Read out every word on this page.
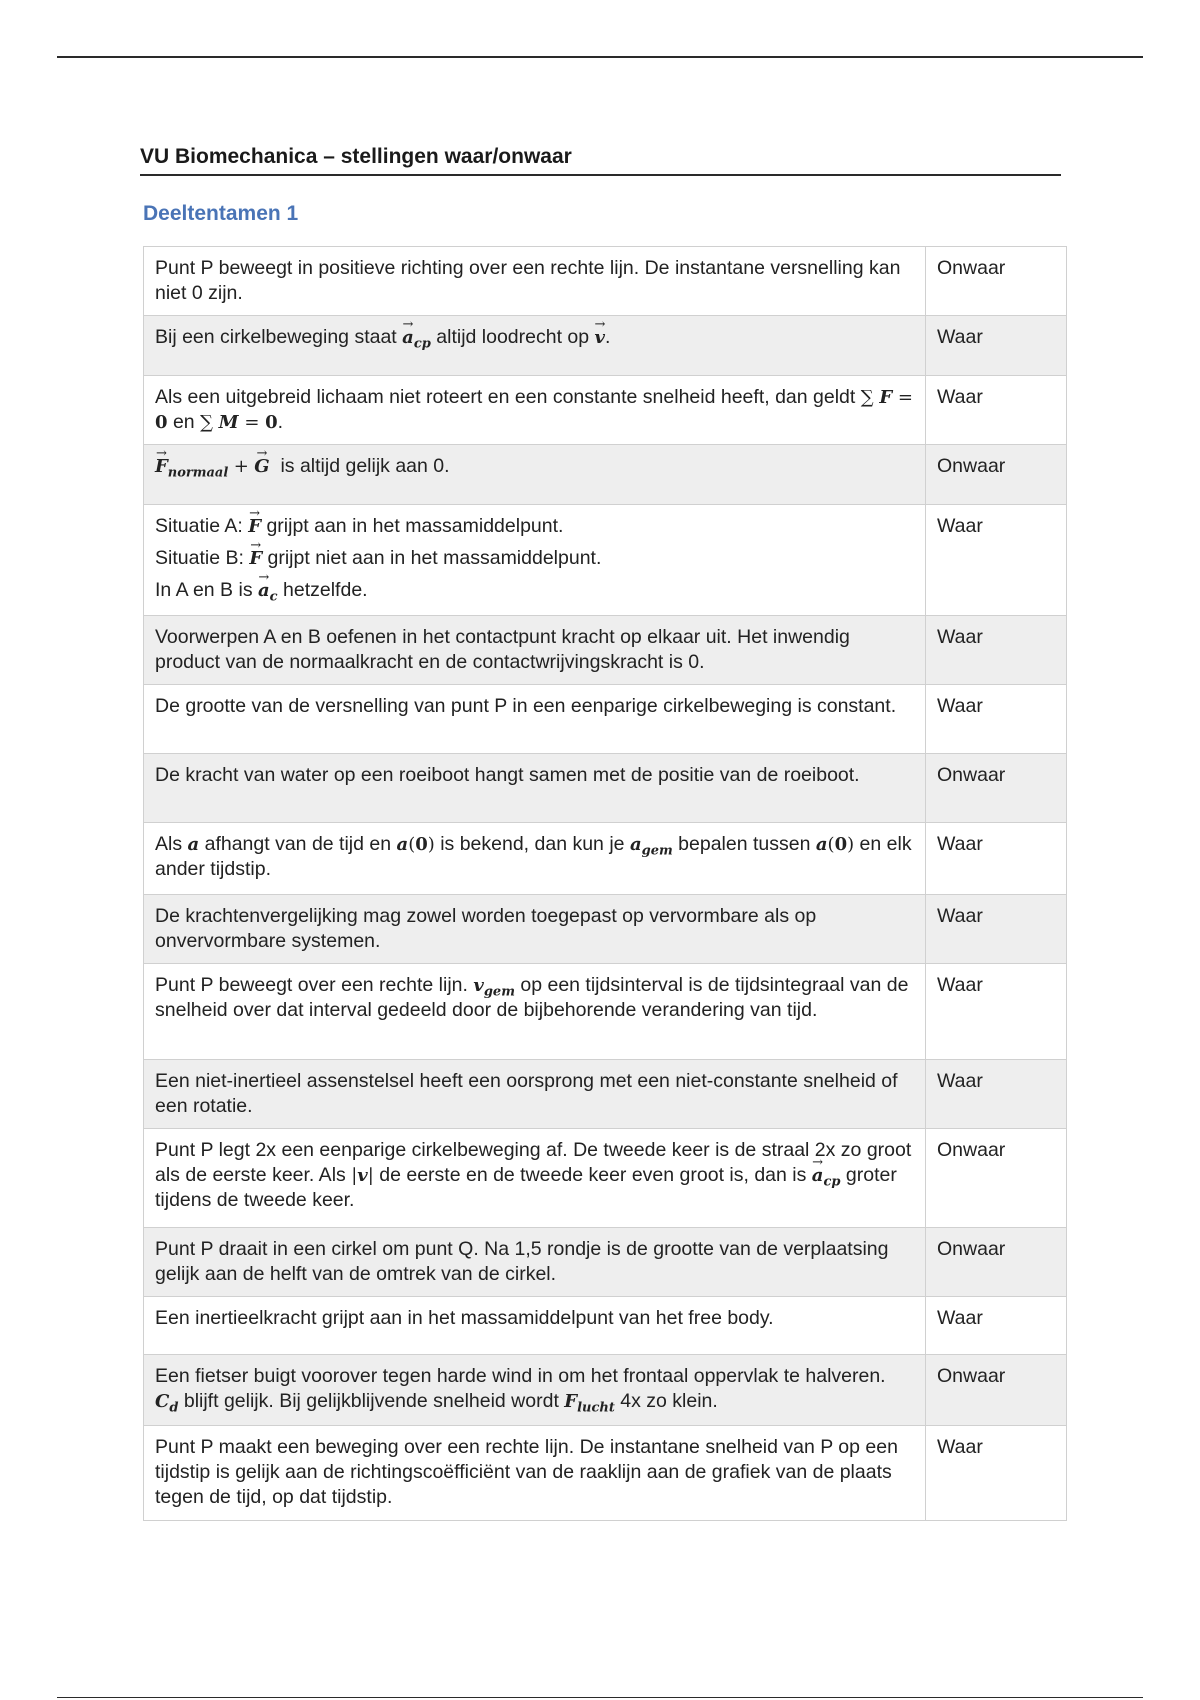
VU Biomechanica – stellingen waar/onwaar
Deeltentamen 1
Punt P beweegt in positieve richting over een rechte lijn. De instantane versnelling kan niet 0 zijn.	Onwaar
Bij een cirkelbeweging staat → $a_{cp}$ altijd loodrecht op → v.	Waar
Als een uitgebreid lichaam niet roteert en een constante snelheid heeft, dan geldt ∑ F = 0 en ∑ M = 0.	Waar
→ $F_{normaal}$ + → G is altijd gelijk aan 0.	Onwaar

Situatie A: → F grijpt aan in het massamiddelpunt.
Situatie B: → F grijpt niet aan in het massamiddelpunt.
In A en B is → $a_c$ hetzelfde.	Waar
Voorwerpen A en B oefenen in het contactpunt kracht op elkaar uit. Het inwendig product van de normaalkracht en de contactwrijvingskracht is 0.	Waar
De grootte van de versnelling van punt P in een eenparige cirkelbeweging is constant.	Waar
De kracht van water op een roeiboot hangt samen met de positie van de roeiboot.	Onwaar
Als a afhangt van de tijd en a(0) is bekend, dan kun je $a_{gem}$ bepalen tussen a(0) en elk ander tijdstip.	Waar
De krachtenvergelijking mag zowel worden toegepast op vervormbare als op onvervormbare systemen.	Waar
Punt P beweegt over een rechte lijn. $v_{gem}$ op een tijdsinterval is de tijdsintegraal van de snelheid over dat interval gedeeld door de bijbehorende verandering van tijd.	Waar
Een niet-inertieel assenstelsel heeft een oorsprong met een niet-constante snelheid of een rotatie.	Waar
Punt P legt 2x een eenparige cirkelbeweging af. De tweede keer is de straal 2x zo groot als de eerste keer. Als |v| de eerste en de tweede keer even groot is, dan is → $a_{cp}$ groter tijdens de tweede keer.	Onwaar
Punt P draait in een cirkel om punt Q. Na 1,5 rondje is de grootte van de verplaatsing gelijk aan de helft van de omtrek van de cirkel.	Onwaar
Een inertieelkracht grijpt aan in het massamiddelpunt van het free body.	Waar
Een fietser buigt voorover tegen harde wind in om het frontaal oppervlak te halveren. $C_d$ blijft gelijk. Bij gelijkblijvende snelheid wordt $F_{lucht}$ 4x zo klein.	Onwaar
Punt P maakt een beweging over een rechte lijn. De instantane snelheid van P op een tijdstip is gelijk aan de richtingscoëfficiënt van de raaklijn aan de grafiek van de plaats tegen de tijd, op dat tijdstip.	Waar
